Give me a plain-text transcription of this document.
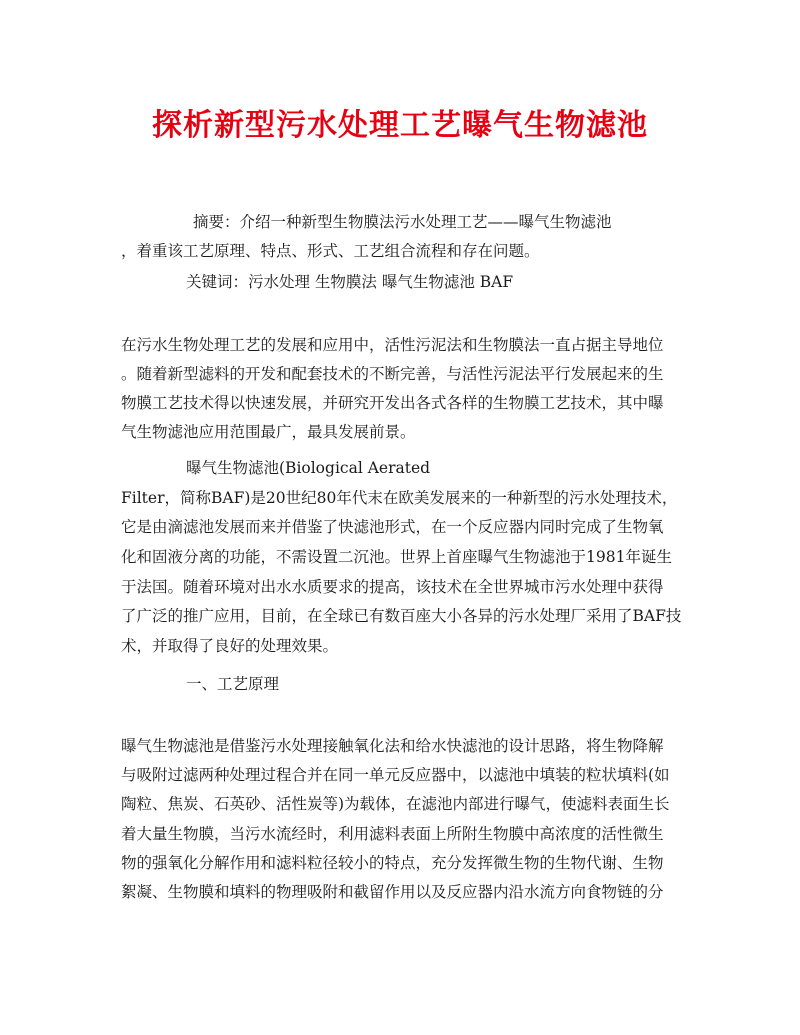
探析新型污水处理工艺曝气生物滤池
摘要：介绍一种新型生物膜法污水处理工艺——曝气生物滤池
，着重该工艺原理、特点、形式、工艺组合流程和存在问题。
关键词：污水处理 生物膜法 曝气生物滤池 BAF
在污水生物处理工艺的发展和应用中，活性污泥法和生物膜法一直占据主导地位
。随着新型滤料的开发和配套技术的不断完善，与活性污泥法平行发展起来的生
物膜工艺技术得以快速发展，并研究开发出各式各样的生物膜工艺技术，其中曝
气生物滤池应用范围最广，最具发展前景。
曝气生物滤池(Biological Aerated
Filter，简称BAF)是20世纪80年代末在欧美发展来的一种新型的污水处理技术，
它是由滴滤池发展而来并借鉴了快滤池形式，在一个反应器内同时完成了生物氧
化和固液分离的功能，不需设置二沉池。世界上首座曝气生物滤池于1981年诞生
于法国。随着环境对出水水质要求的提高，该技术在全世界城市污水处理中获得
了广泛的推广应用，目前，在全球已有数百座大小各异的污水处理厂采用了BAF技
术，并取得了良好的处理效果。
一、工艺原理
曝气生物滤池是借鉴污水处理接触氧化法和给水快滤池的设计思路，将生物降解
与吸附过滤两种处理过程合并在同一单元反应器中，以滤池中填装的粒状填料(如
陶粒、焦炭、石英砂、活性炭等)为载体，在滤池内部进行曝气，使滤料表面生长
着大量生物膜，当污水流经时，利用滤料表面上所附生物膜中高浓度的活性微生
物的强氧化分解作用和滤料粒径较小的特点，充分发挥微生物的生物代谢、生物
絮凝、生物膜和填料的物理吸附和截留作用以及反应器内沿水流方向食物链的分
